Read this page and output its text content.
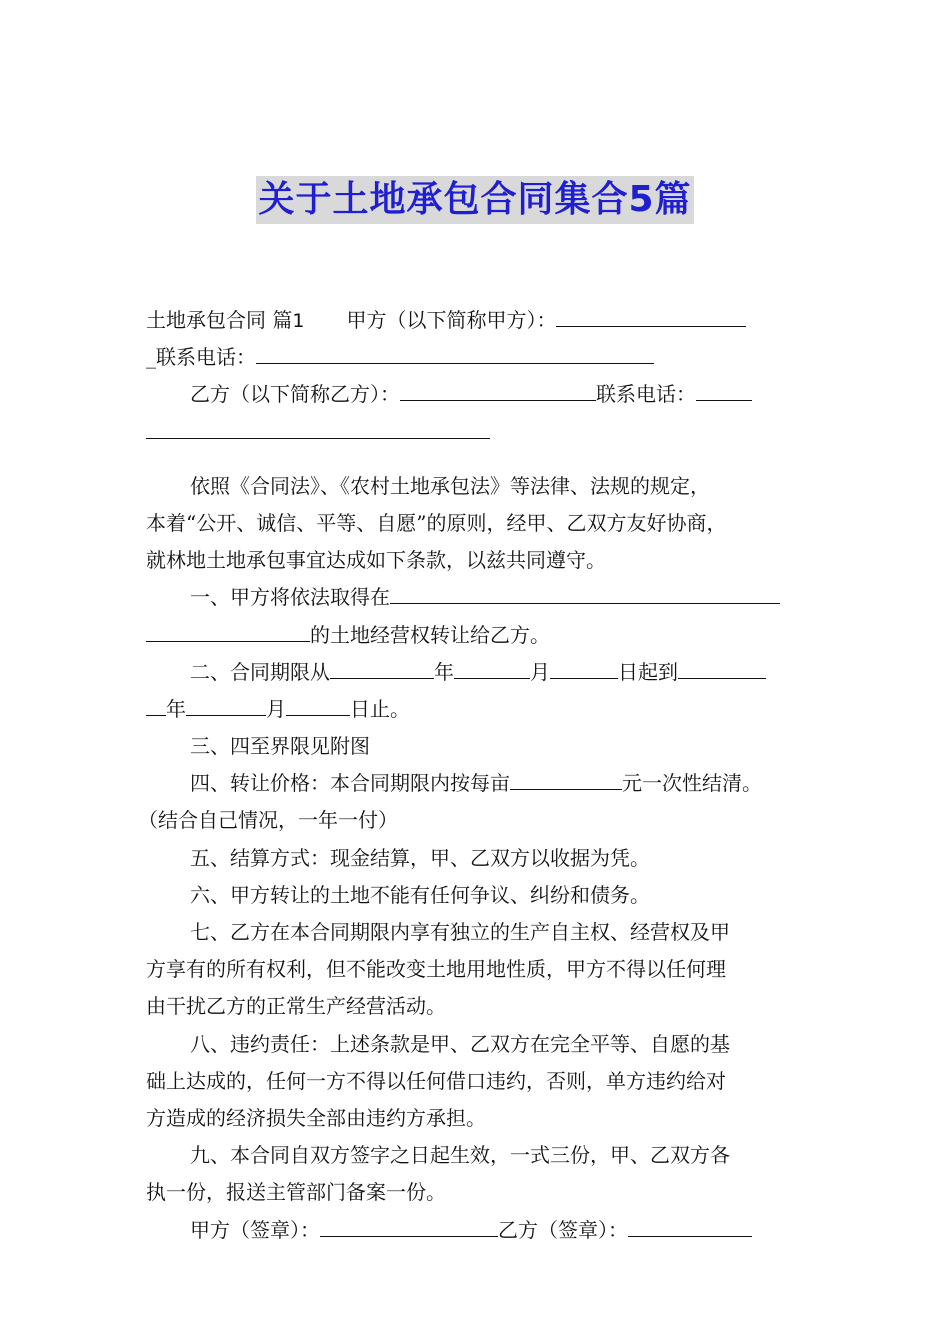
关于土地承包合同集合5篇
土地承包合同 篇1 甲方（以下简称甲方）：
_联系电话：
乙方（以下简称乙方）：	联系电话：
依照《合同法》、《农村土地承包法》等法律、法规的规定，
本着“公开、诚信、平等、自愿”的原则，经甲、乙双方友好协商，
就林地土地承包事宜达成如下条款，以兹共同遵守。
一、甲方将依法取得在
的土地经营权转让给乙方。
二、合同期限从	年	月	日起到
年	月	日止。
三、四至界限见附图
四、转让价格：本合同期限内按每亩	元一次性结清。
（结合自己情况，一年一付）
五、结算方式：现金结算，甲、乙双方以收据为凭。
六、甲方转让的土地不能有任何争议、纠纷和债务。
七、乙方在本合同期限内享有独立的生产自主权、经营权及甲
方享有的所有权利，但不能改变土地用地性质，甲方不得以任何理
由干扰乙方的正常生产经营活动。
八、违约责任：上述条款是甲、乙双方在完全平等、自愿的基
础上达成的，任何一方不得以任何借口违约，否则，单方违约给对
方造成的经济损失全部由违约方承担。
九、本合同自双方签字之日起生效，一式三份，甲、乙双方各
执一份，报送主管部门备案一份。
甲方（签章）：	乙方（签章）：
